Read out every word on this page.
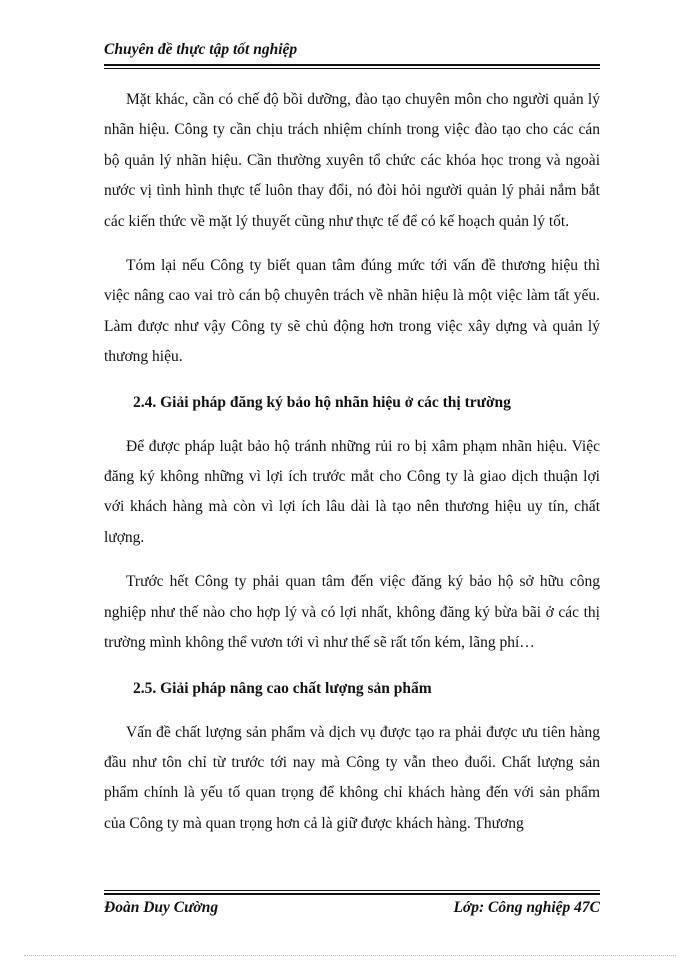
Chuyên đề thực tập tốt nghiệp

Mặt khác, cần có chế độ bồi dưỡng, đào tạo chuyên môn cho người quản lý nhãn hiệu. Công ty cần chịu trách nhiệm chính trong việc đào tạo cho các cán bộ quản lý nhãn hiệu. Cần thường xuyên tổ chức các khóa học trong và ngoài nước vị tình hình thực tế luôn thay đổi, nó đòi hỏi người quản lý phải nắm bắt các kiến thức về mặt lý thuyết cũng như thực tế để có kế hoạch quản lý tốt.

Tóm lại nếu Công ty biết quan tâm đúng mức tới vấn đề thương hiệu thì việc nâng cao vai trò cán bộ chuyên trách về nhãn hiệu là một việc làm tất yếu. Làm được như vậy Công ty sẽ chủ động hơn trong việc xây dựng và quản lý thương hiệu.

2.4. Giải pháp đăng ký bảo hộ nhãn hiệu ở các thị trường

Để được pháp luật bảo hộ tránh những rủi ro bị xâm phạm nhãn hiệu. Việc đăng ký không những vì lợi ích trước mắt cho Công ty là giao dịch thuận lợi với khách hàng mà còn vì lợi ích lâu dài là tạo nên thương hiệu uy tín, chất lượng.

Trước hết Công ty phải quan tâm đến việc đăng ký bảo hộ sở hữu công nghiệp như thế nào cho hợp lý và có lợi nhất, không đăng ký bừa bãi ở các thị trường mình không thể vươn tới vì như thế sẽ rất tốn kém, lãng phí…

2.5. Giải pháp nâng cao chất lượng sản phẩm

Vấn đề chất lượng sản phẩm và dịch vụ được tạo ra phải được ưu tiên hàng đầu như tôn chỉ từ trước tới nay mà Công ty vẫn theo đuổi. Chất lượng sản phẩm chính là yếu tố quan trọng để không chỉ khách hàng đến với sản phẩm của Công ty mà quan trọng hơn cả là giữ được khách hàng. Thương

Đoàn Duy Cường	Lớp: Công nghiệp 47C
